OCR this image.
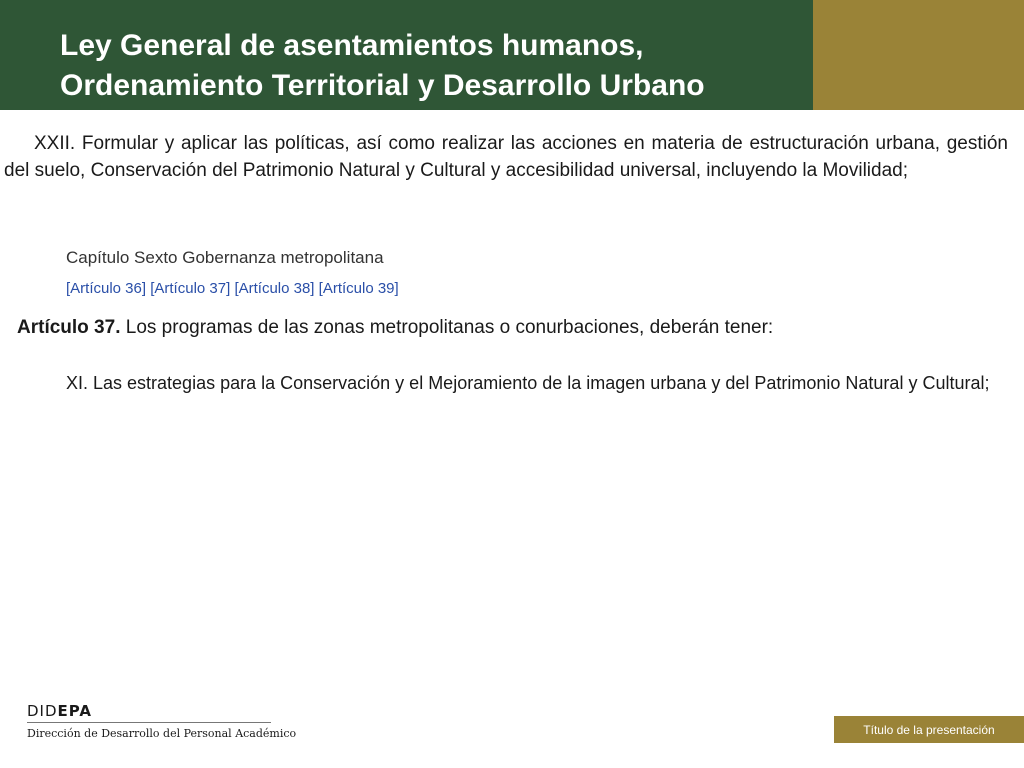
Ley General de asentamientos humanos,
Ordenamiento Territorial y Desarrollo Urbano

XXII. Formular y aplicar las políticas, así como realizar las acciones en materia de estructuración urbana, gestión del suelo, Conservación del Patrimonio Natural y Cultural y accesibilidad universal, incluyendo la Movilidad;

Capítulo Sexto Gobernanza metropolitana

[Artículo 36] [Artículo 37] [Artículo 38] [Artículo 39]

Artículo 37. Los programas de las zonas metropolitanas o conurbaciones, deberán tener:

XI. Las estrategias para la Conservación y el Mejoramiento de la imagen urbana y del Patrimonio Natural y Cultural;

DIDEPA
Dirección de Desarrollo del Personal Académico	Título de la presentación
